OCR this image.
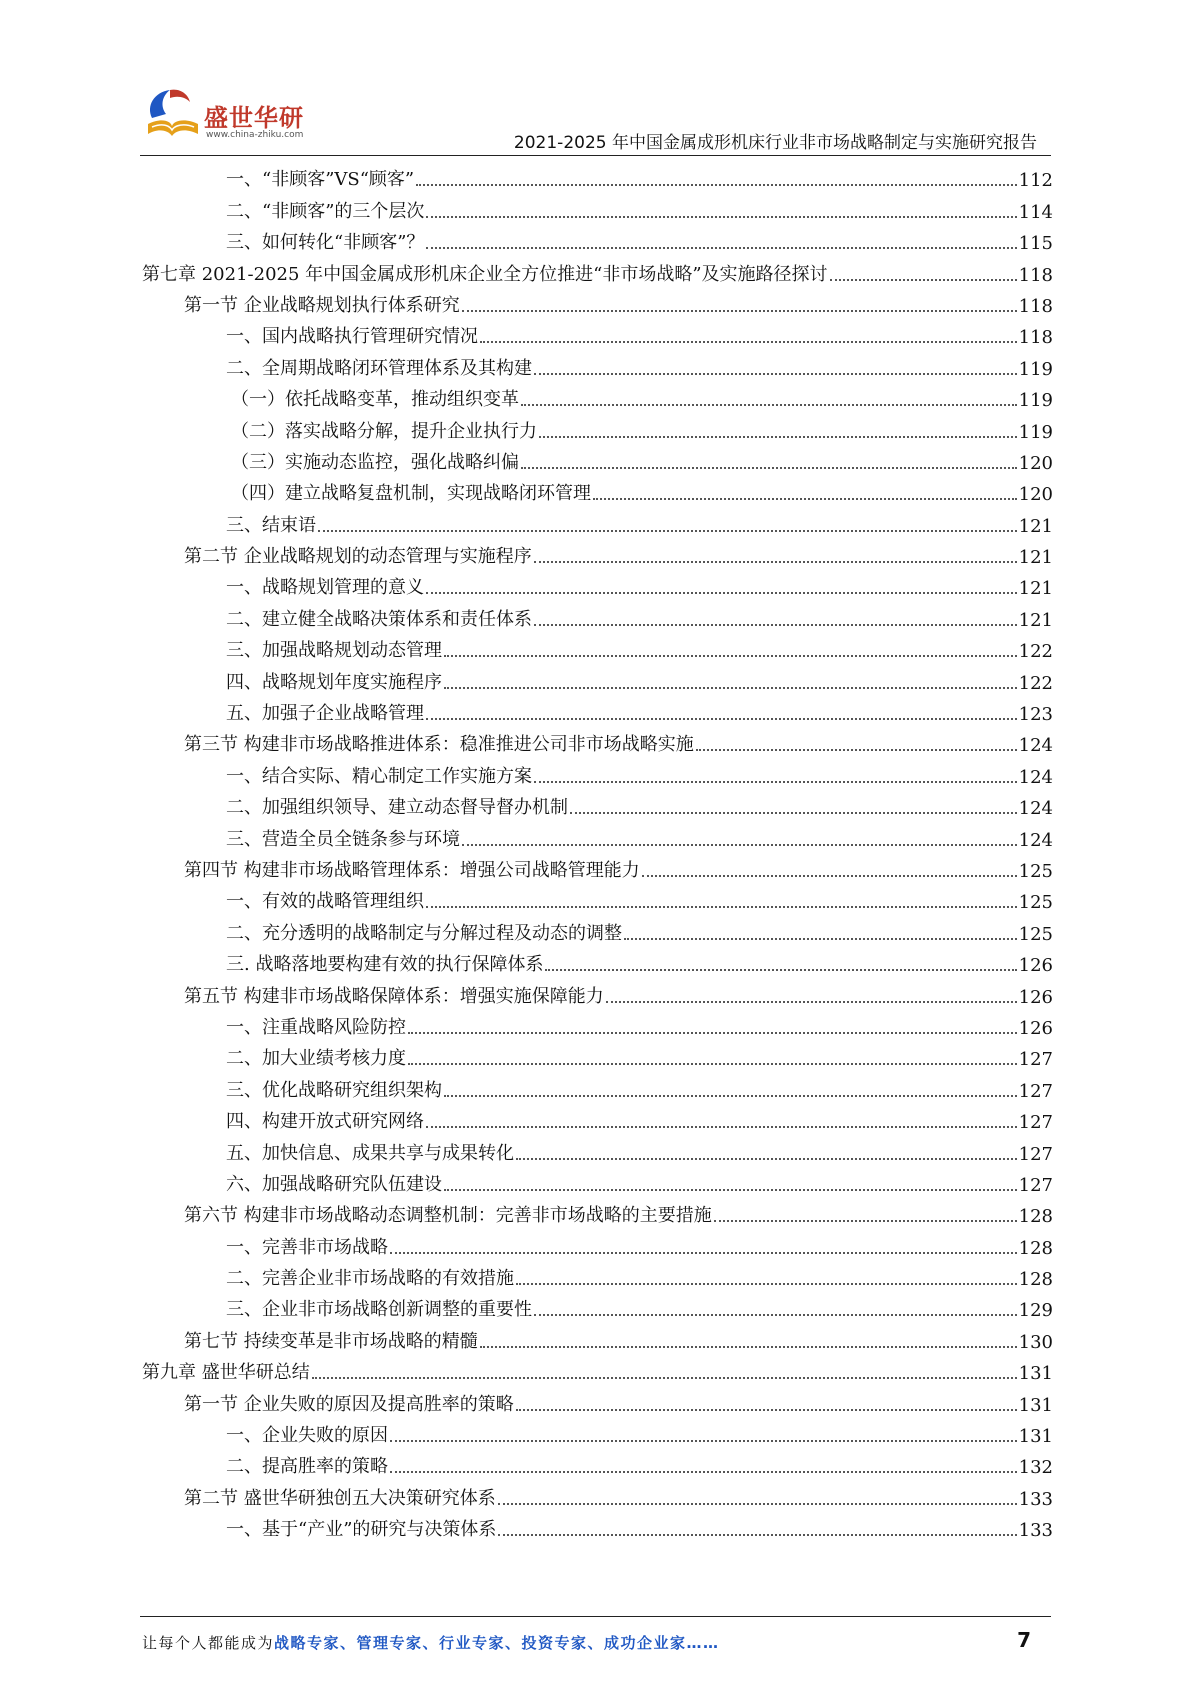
盛世华研
www.china-zhiku.com	2021-2025 年中国金属成形机床行业非市场战略制定与实施研究报告
一、“非顾客”VS“顾客”	112
二、“非顾客”的三个层次	114
三、如何转化“非顾客”？	115
第七章 2021-2025 年中国金属成形机床企业全方位推进“非市场战略”及实施路径探讨	118
第一节 企业战略规划执行体系研究	118
一、国内战略执行管理研究情况	118
二、全周期战略闭环管理体系及其构建	119
（一）依托战略变革，推动组织变革	119
（二）落实战略分解，提升企业执行力	119
（三）实施动态监控，强化战略纠偏	120
（四）建立战略复盘机制，实现战略闭环管理	120
三、结束语	121
第二节 企业战略规划的动态管理与实施程序	121
一、战略规划管理的意义	121
二、建立健全战略决策体系和责任体系	121
三、加强战略规划动态管理	122
四、战略规划年度实施程序	122
五、加强子企业战略管理	123
第三节 构建非市场战略推进体系：稳准推进公司非市场战略实施	124
一、结合实际、精心制定工作实施方案	124
二、加强组织领导、建立动态督导督办机制	124
三、营造全员全链条参与环境	124
第四节 构建非市场战略管理体系：增强公司战略管理能力	125
一、有效的战略管理组织	125
二、充分透明的战略制定与分解过程及动态的调整	125
三. 战略落地要构建有效的执行保障体系	126
第五节 构建非市场战略保障体系：增强实施保障能力	126
一、注重战略风险防控	126
二、加大业绩考核力度	127
三、优化战略研究组织架构	127
四、构建开放式研究网络	127
五、加快信息、成果共享与成果转化	127
六、加强战略研究队伍建设	127
第六节 构建非市场战略动态调整机制：完善非市场战略的主要措施	128
一、完善非市场战略	128
二、完善企业非市场战略的有效措施	128
三、企业非市场战略创新调整的重要性	129
第七节 持续变革是非市场战略的精髓	130
第九章 盛世华研总结	131
第一节 企业失败的原因及提高胜率的策略	131
一、企业失败的原因	131
二、提高胜率的策略	132
第二节 盛世华研独创五大决策研究体系	133
一、基于“产业”的研究与决策体系	133
让每个人都能成为战略专家、管理专家、行业专家、投资专家、成功企业家……	7
